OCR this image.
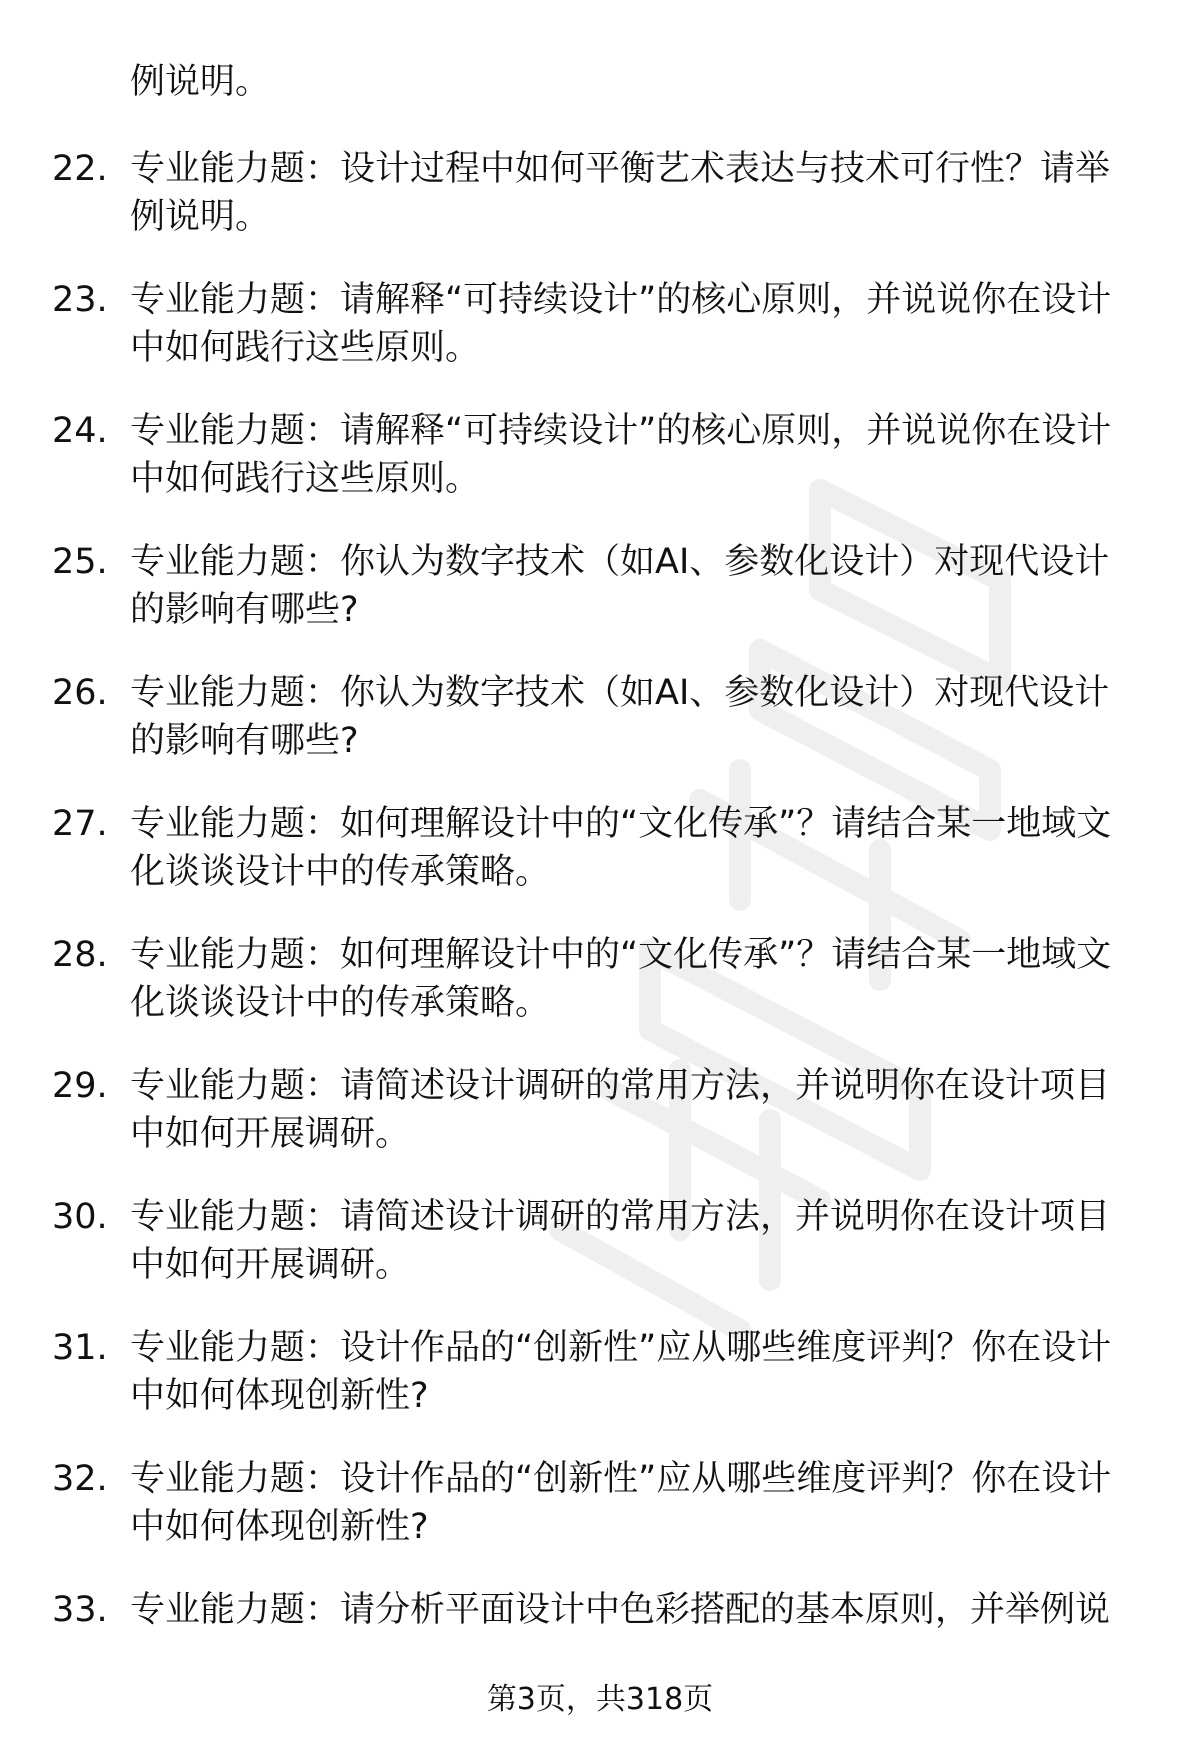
例说明。
22. 专业能力题：设计过程中如何平衡艺术表达与技术可行性？请举例说明。
23. 专业能力题：请解释“可持续设计”的核心原则，并说说你在设计中如何践行这些原则。
24. 专业能力题：请解释“可持续设计”的核心原则，并说说你在设计中如何践行这些原则。
25. 专业能力题：你认为数字技术（如AI、参数化设计）对现代设计的影响有哪些?
26. 专业能力题：你认为数字技术（如AI、参数化设计）对现代设计的影响有哪些?
27. 专业能力题：如何理解设计中的“文化传承”？请结合某一地域文化谈谈设计中的传承策略。
28. 专业能力题：如何理解设计中的“文化传承”？请结合某一地域文化谈谈设计中的传承策略。
29. 专业能力题：请简述设计调研的常用方法，并说明你在设计项目中如何开展调研。
30. 专业能力题：请简述设计调研的常用方法，并说明你在设计项目中如何开展调研。
31. 专业能力题：设计作品的“创新性”应从哪些维度评判？你在设计中如何体现创新性?
32. 专业能力题：设计作品的“创新性”应从哪些维度评判？你在设计中如何体现创新性?
33. 专业能力题：请分析平面设计中色彩搭配的基本原则，并举例说
第3页，共318页
